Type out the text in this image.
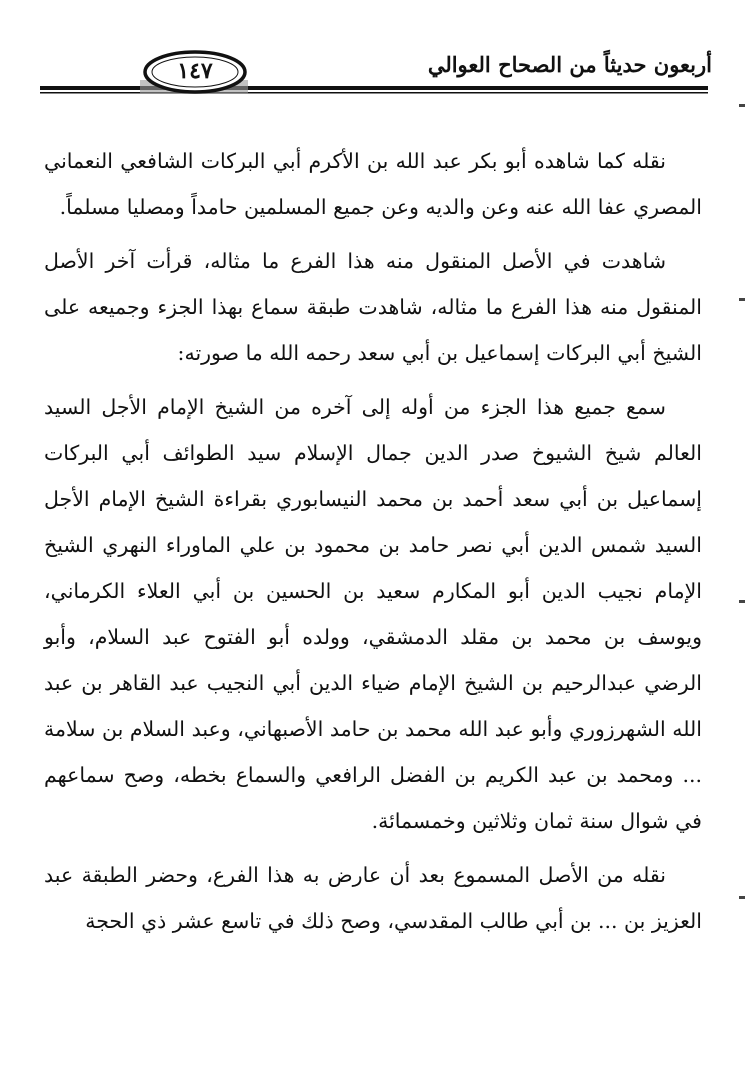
أربعون حديثاً من الصحاح العوالي
١٤٧

نقله كما شاهده أبو بكر عبد الله بن الأكرم أبي البركات الشافعي النعماني المصري عفا الله عنه وعن والديه وعن جميع المسلمين حامداً ومصليا مسلماً.

شاهدت في الأصل المنقول منه هذا الفرع ما مثاله، قرأت آخر الأصل المنقول منه هذا الفرع ما مثاله، شاهدت طبقة سماع بهذا الجزء وجميعه على الشيخ أبي البركات إسماعيل بن أبي سعد رحمه الله ما صورته:

سمع جميع هذا الجزء من أوله إلى آخره من الشيخ الإمام الأجل السيد العالم شيخ الشيوخ صدر الدين جمال الإسلام سيد الطوائف أبي البركات إسماعيل بن أبي سعد أحمد بن محمد النيسابوري بقراءة الشيخ الإمام الأجل السيد شمس الدين أبي نصر حامد بن محمود بن علي الماوراء النهري الشيخ الإمام نجيب الدين أبو المكارم سعيد بن الحسين بن أبي العلاء الكرماني، ويوسف بن محمد بن مقلد الدمشقي، وولده أبو الفتوح عبد السلام، وأبو الرضي عبدالرحيم بن الشيخ الإمام ضياء الدين أبي النجيب عبد القاهر بن عبد الله الشهرزوري وأبو عبد الله محمد بن حامد الأصبهاني، وعبد السلام بن سلامة ... ومحمد بن عبد الكريم بن الفضل الرافعي والسماع بخطه، وصح سماعهم في شوال سنة ثمان وثلاثين وخمسمائة.

نقله من الأصل المسموع بعد أن عارض به هذا الفرع، وحضر الطبقة عبد العزيز بن ... بن أبي طالب المقدسي، وصح ذلك في تاسع عشر ذي الحجة
